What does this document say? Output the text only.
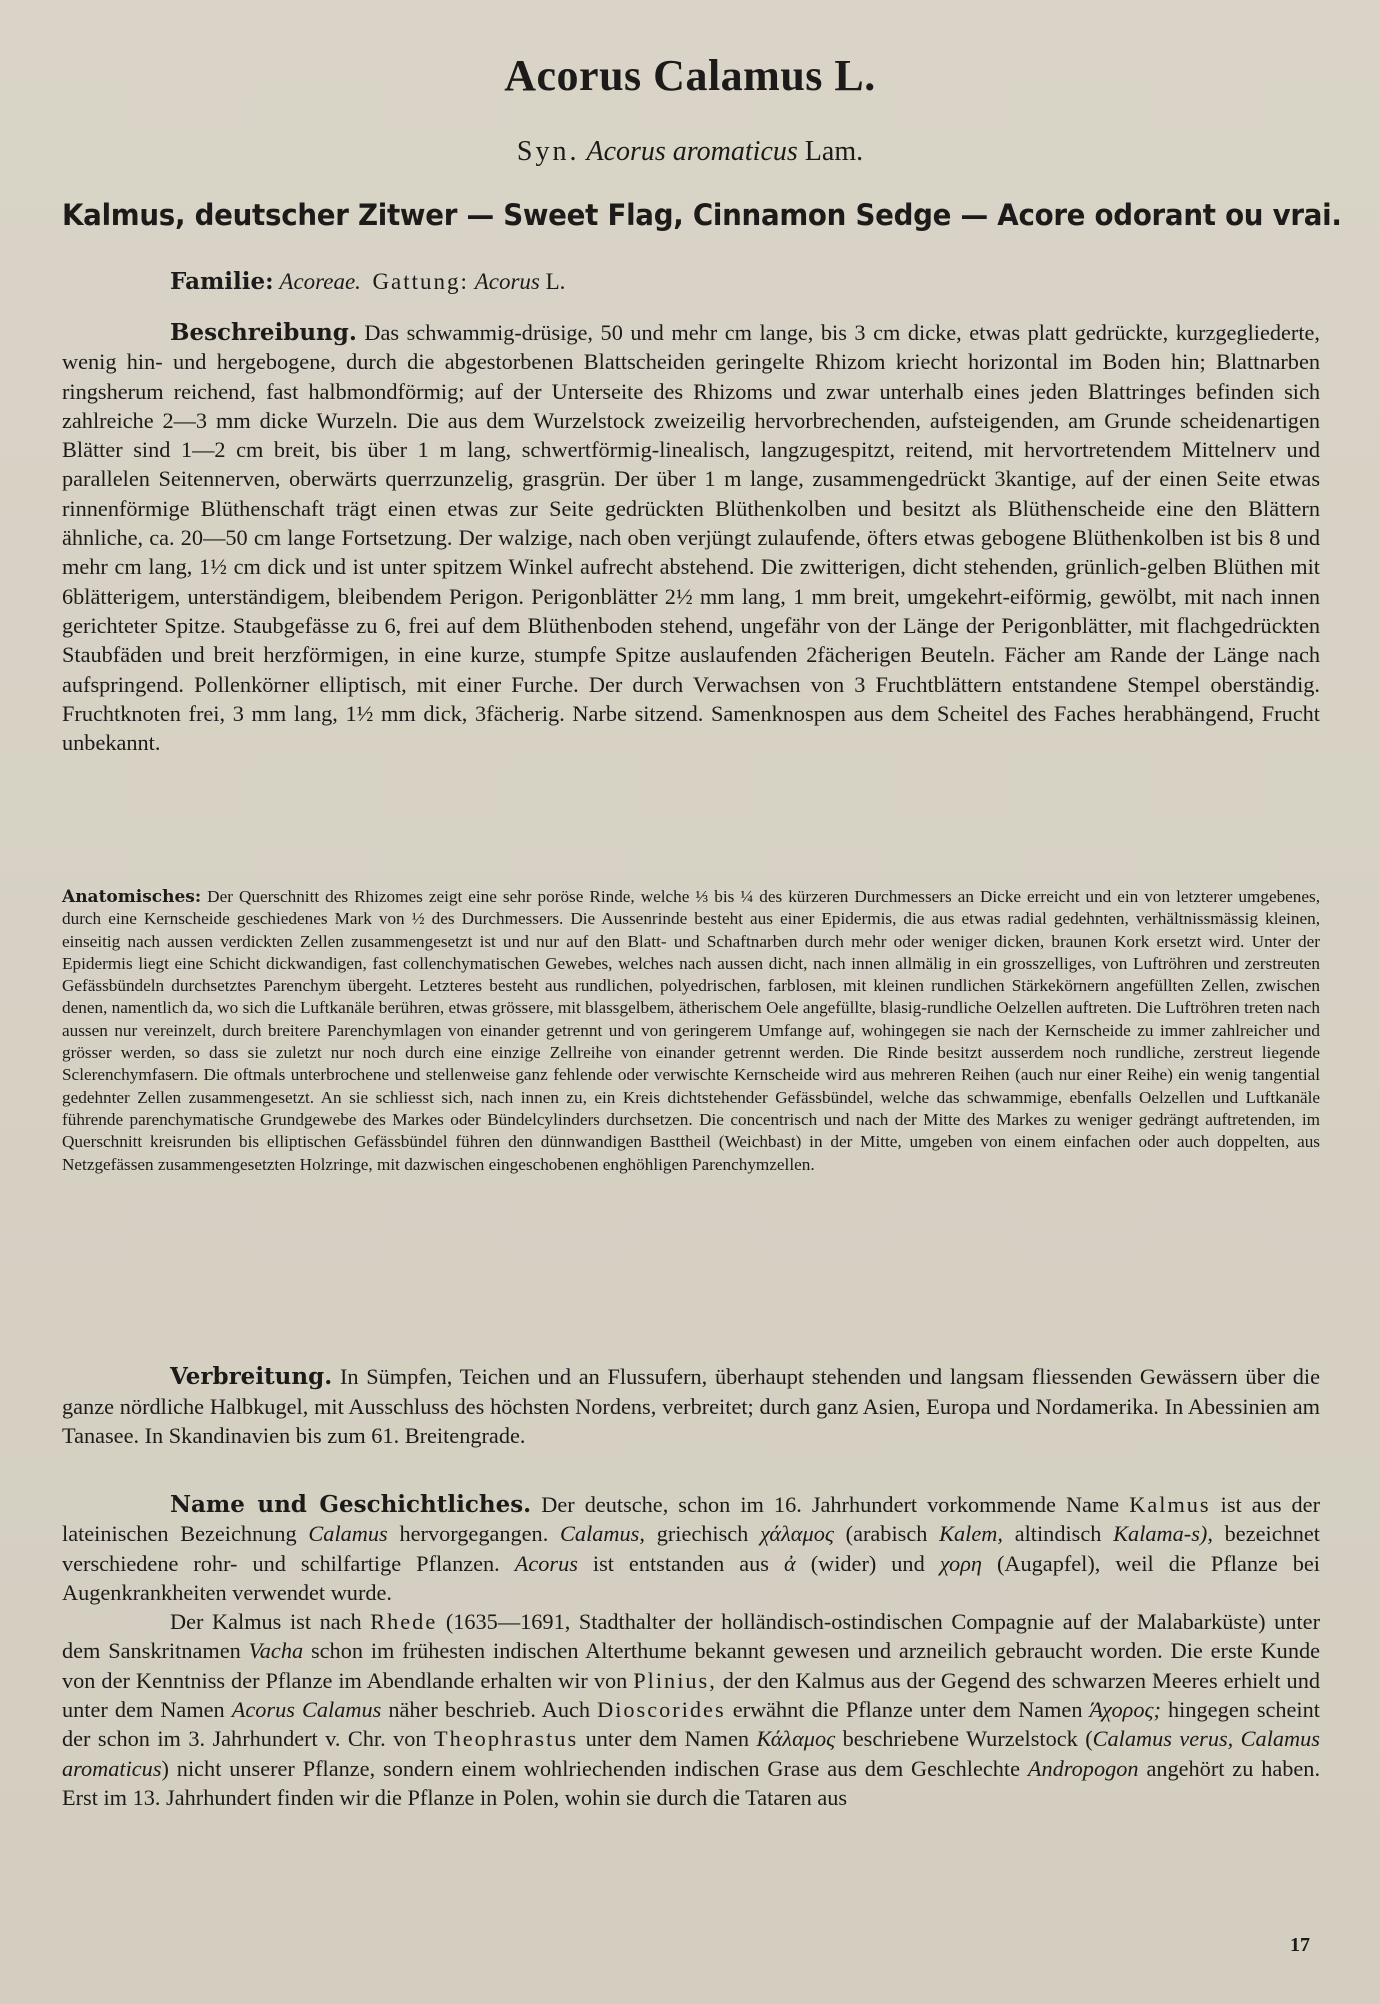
Acorus Calamus L.
Syn. Acorus aromaticus Lam.
Kalmus, deutscher Zitwer — Sweet Flag, Cinnamon Sedge — Acore odorant ou vrai.
Familie: Acoreae. Gattung: Acorus L.

Beschreibung. Das schwammig-drüsige, 50 und mehr cm lange, bis 3 cm dicke, etwas platt gedrückte, kurzgegliederte, wenig hin- und hergebogene, durch die abgestorbenen Blattscheiden geringelte Rhizom kriecht horizontal im Boden hin; Blattnarben ringsherum reichend, fast halbmondförmig; auf der Unterseite des Rhizoms und zwar unterhalb eines jeden Blattringes befinden sich zahlreiche 2—3 mm dicke Wurzeln. Die aus dem Wurzelstock zweizeilig hervorbrechenden, aufsteigenden, am Grunde scheidenartigen Blätter sind 1—2 cm breit, bis über 1 m lang, schwertförmig-linealisch, langzugespitzt, reitend, mit hervortretendem Mittelnerv und parallelen Seitennerven, oberwärts querrzunzelig, grasgrün. Der über 1 m lange, zusammengedrückt 3kantige, auf der einen Seite etwas rinnenförmige Blüthenschaft trägt einen etwas zur Seite gedrückten Blüthenkolben und besitzt als Blüthenscheide eine den Blättern ähnliche, ca. 20—50 cm lange Fortsetzung. Der walzige, nach oben verjüngt zulaufende, öfters etwas gebogene Blüthenkolben ist bis 8 und mehr cm lang, 1½ cm dick und ist unter spitzem Winkel aufrecht abstehend. Die zwitterigen, dicht stehenden, grünlich-gelben Blüthen mit 6blätterigem, unterständigem, bleibendem Perigon. Perigonblätter 2½ mm lang, 1 mm breit, umgekehrt-eiförmig, gewölbt, mit nach innen gerichteter Spitze. Staubgefässe zu 6, frei auf dem Blüthenboden stehend, ungefähr von der Länge der Perigonblätter, mit flachgedrückten Staubfäden und breit herzförmigen, in eine kurze, stumpfe Spitze auslaufenden 2fächerigen Beuteln. Fächer am Rande der Länge nach aufspringend. Pollenkörner elliptisch, mit einer Furche. Der durch Verwachsen von 3 Fruchtblättern entstandene Stempel oberständig. Fruchtknoten frei, 3 mm lang, 1½ mm dick, 3fächerig. Narbe sitzend. Samenknospen aus dem Scheitel des Faches herabhängend, Frucht unbekannt.

Anatomisches: Der Querschnitt des Rhizomes zeigt eine sehr poröse Rinde, welche ⅓ bis ¼ des kürzeren Durchmessers an Dicke erreicht und ein von letzterer umgebenes, durch eine Kernscheide geschiedenes Mark von ½ des Durchmessers. Die Aussenrinde besteht aus einer Epidermis, die aus etwas radial gedehnten, verhältnissmässig kleinen, einseitig nach aussen verdickten Zellen zusammengesetzt ist und nur auf den Blatt- und Schaftnarben durch mehr oder weniger dicken, braunen Kork ersetzt wird. Unter der Epidermis liegt eine Schicht dickwandigen, fast collenchymatischen Gewebes, welches nach aussen dicht, nach innen allmälig in ein grosszelliges, von Luftröhren und zerstreuten Gefässbündeln durchsetztes Parenchym übergeht. Letzteres besteht aus rundlichen, polyedrischen, farblosen, mit kleinen rundlichen Stärkekörnern angefüllten Zellen, zwischen denen, namentlich da, wo sich die Luftkanäle berühren, etwas grössere, mit blassgelbem, ätherischem Oele angefüllte, blasig-rundliche Oelzellen auftreten. Die Luftröhren treten nach aussen nur vereinzelt, durch breitere Parenchymlagen von einander getrennt und von geringerem Umfange auf, wohingegen sie nach der Kernscheide zu immer zahlreicher und grösser werden, so dass sie zuletzt nur noch durch eine einzige Zellreihe von einander getrennt werden. Die Rinde besitzt ausserdem noch rundliche, zerstreut liegende Sclerenchymfasern. Die oftmals unterbrochene und stellenweise ganz fehlende oder verwischte Kernscheide wird aus mehreren Reihen (auch nur einer Reihe) ein wenig tangential gedehnter Zellen zusammengesetzt. An sie schliesst sich, nach innen zu, ein Kreis dichtstehender Gefässbündel, welche das schwammige, ebenfalls Oelzellen und Luftkanäle führende parenchymatische Grundgewebe des Markes oder Bündelcylinders durchsetzen. Die concentrisch und nach der Mitte des Markes zu weniger gedrängt auftretenden, im Querschnitt kreisrunden bis elliptischen Gefässbündel führen den dünnwandigen Basttheil (Weichbast) in der Mitte, umgeben von einem einfachen oder auch doppelten, aus Netzgefässen zusammengesetzten Holzringe, mit dazwischen eingeschobenen enghöhligen Parenchymzellen.

Verbreitung. In Sümpfen, Teichen und an Flussufern, überhaupt stehenden und langsam fliessenden Gewässern über die ganze nördliche Halbkugel, mit Ausschluss des höchsten Nordens, verbreitet; durch ganz Asien, Europa und Nordamerika. In Abessinien am Tanasee. In Skandinavien bis zum 61. Breitengrade.

Name und Geschichtliches. Der deutsche, schon im 16. Jahrhundert vorkommende Name Kalmus ist aus der lateinischen Bezeichnung Calamus hervorgegangen. Calamus, griechisch χάλαμος (arabisch Kalem, altindisch Kalama-s), bezeichnet verschiedene rohr- und schilfartige Pflanzen. Acorus ist entstanden aus ἀ (wider) und χορη (Augapfel), weil die Pflanze bei Augenkrankheiten verwendet wurde.

Der Kalmus ist nach Rhede (1635—1691, Stadthalter der holländisch-ostindischen Compagnie auf der Malabarküste) unter dem Sanskritnamen Vacha schon im frühesten indischen Alterthume bekannt gewesen und arzneilich gebraucht worden. Die erste Kunde von der Kenntniss der Pflanze im Abendlande erhalten wir von Plinius, der den Kalmus aus der Gegend des schwarzen Meeres erhielt und unter dem Namen Acorus Calamus näher beschrieb. Auch Dioscorides erwähnt die Pflanze unter dem Namen Άχορος; hingegen scheint der schon im 3. Jahrhundert v. Chr. von Theophrastus unter dem Namen Κάλαμος beschriebene Wurzelstock (Calamus verus, Calamus aromaticus) nicht unserer Pflanze, sondern einem wohlriechenden indischen Grase aus dem Geschlechte Andropogon angehört zu haben. Erst im 13. Jahrhundert finden wir die Pflanze in Polen, wohin sie durch die Tataren aus

17
